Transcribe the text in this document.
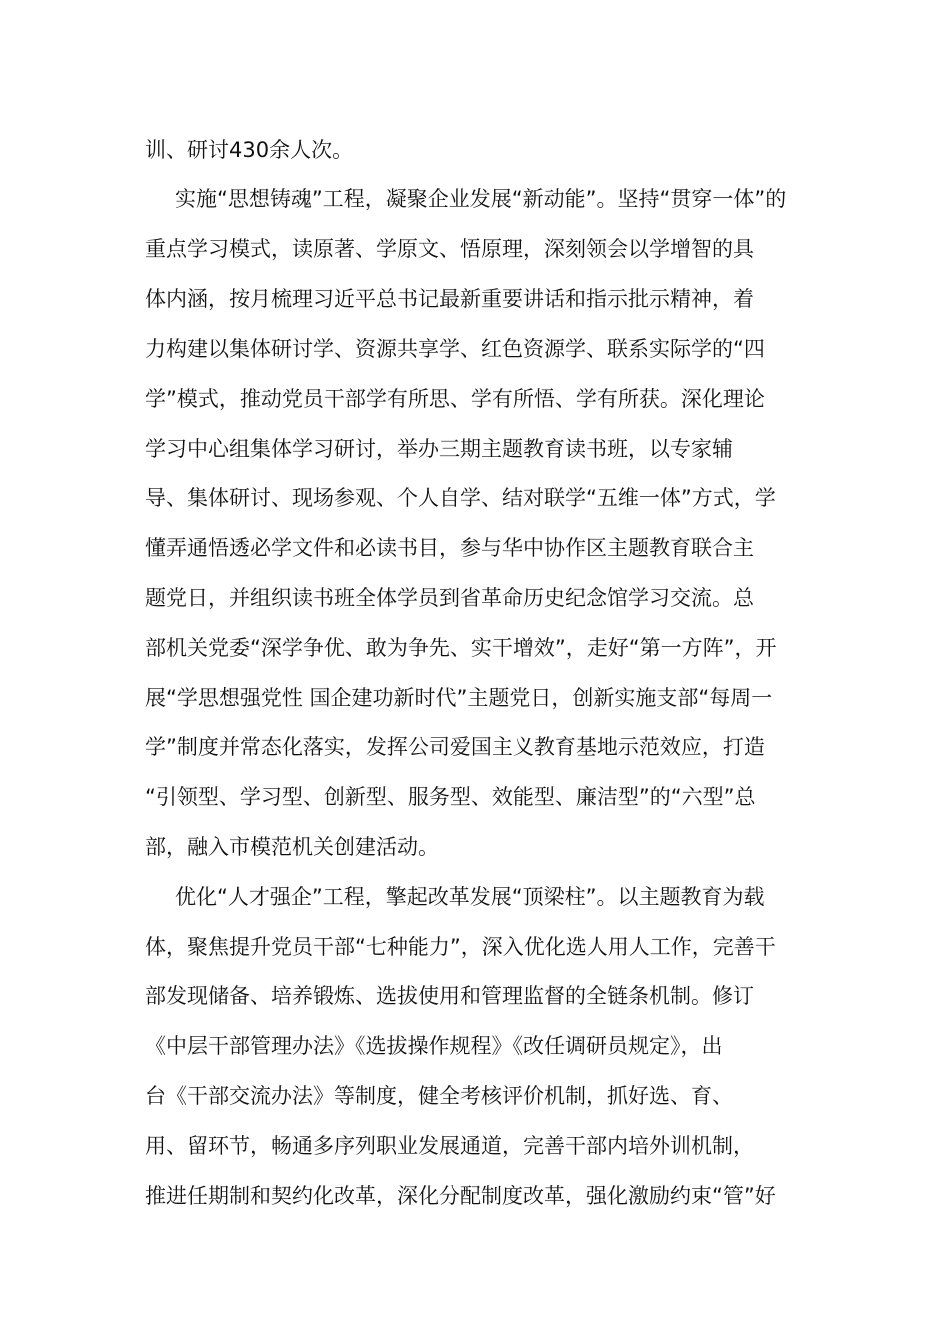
训、研讨430余人次。
实施“思想铸魂”工程，凝聚企业发展“新动能”。坚持“贯穿一体”的
重点学习模式，读原著、学原文、悟原理，深刻领会以学增智的具
体内涵，按月梳理习近平总书记最新重要讲话和指示批示精神，着
力构建以集体研讨学、资源共享学、红色资源学、联系实际学的“四
学”模式，推动党员干部学有所思、学有所悟、学有所获。深化理论
学习中心组集体学习研讨，举办三期主题教育读书班，以专家辅
导、集体研讨、现场参观、个人自学、结对联学“五维一体”方式，学
懂弄通悟透必学文件和必读书目，参与华中协作区主题教育联合主
题党日，并组织读书班全体学员到省革命历史纪念馆学习交流。总
部机关党委“深学争优、敢为争先、实干增效”，走好“第一方阵”，开
展“学思想强党性 国企建功新时代”主题党日，创新实施支部“每周一
学”制度并常态化落实，发挥公司爱国主义教育基地示范效应，打造
“引领型、学习型、创新型、服务型、效能型、廉洁型”的“六型”总
部，融入市模范机关创建活动。
优化“人才强企”工程，擎起改革发展“顶梁柱”。以主题教育为载
体，聚焦提升党员干部“七种能力”，深入优化选人用人工作，完善干
部发现储备、培养锻炼、选拔使用和管理监督的全链条机制。修订
《中层干部管理办法》《选拔操作规程》《改任调研员规定》，出
台《干部交流办法》等制度，健全考核评价机制，抓好选、育、
用、留环节，畅通多序列职业发展通道，完善干部内培外训机制，
推进任期制和契约化改革，深化分配制度改革，强化激励约束“管”好
